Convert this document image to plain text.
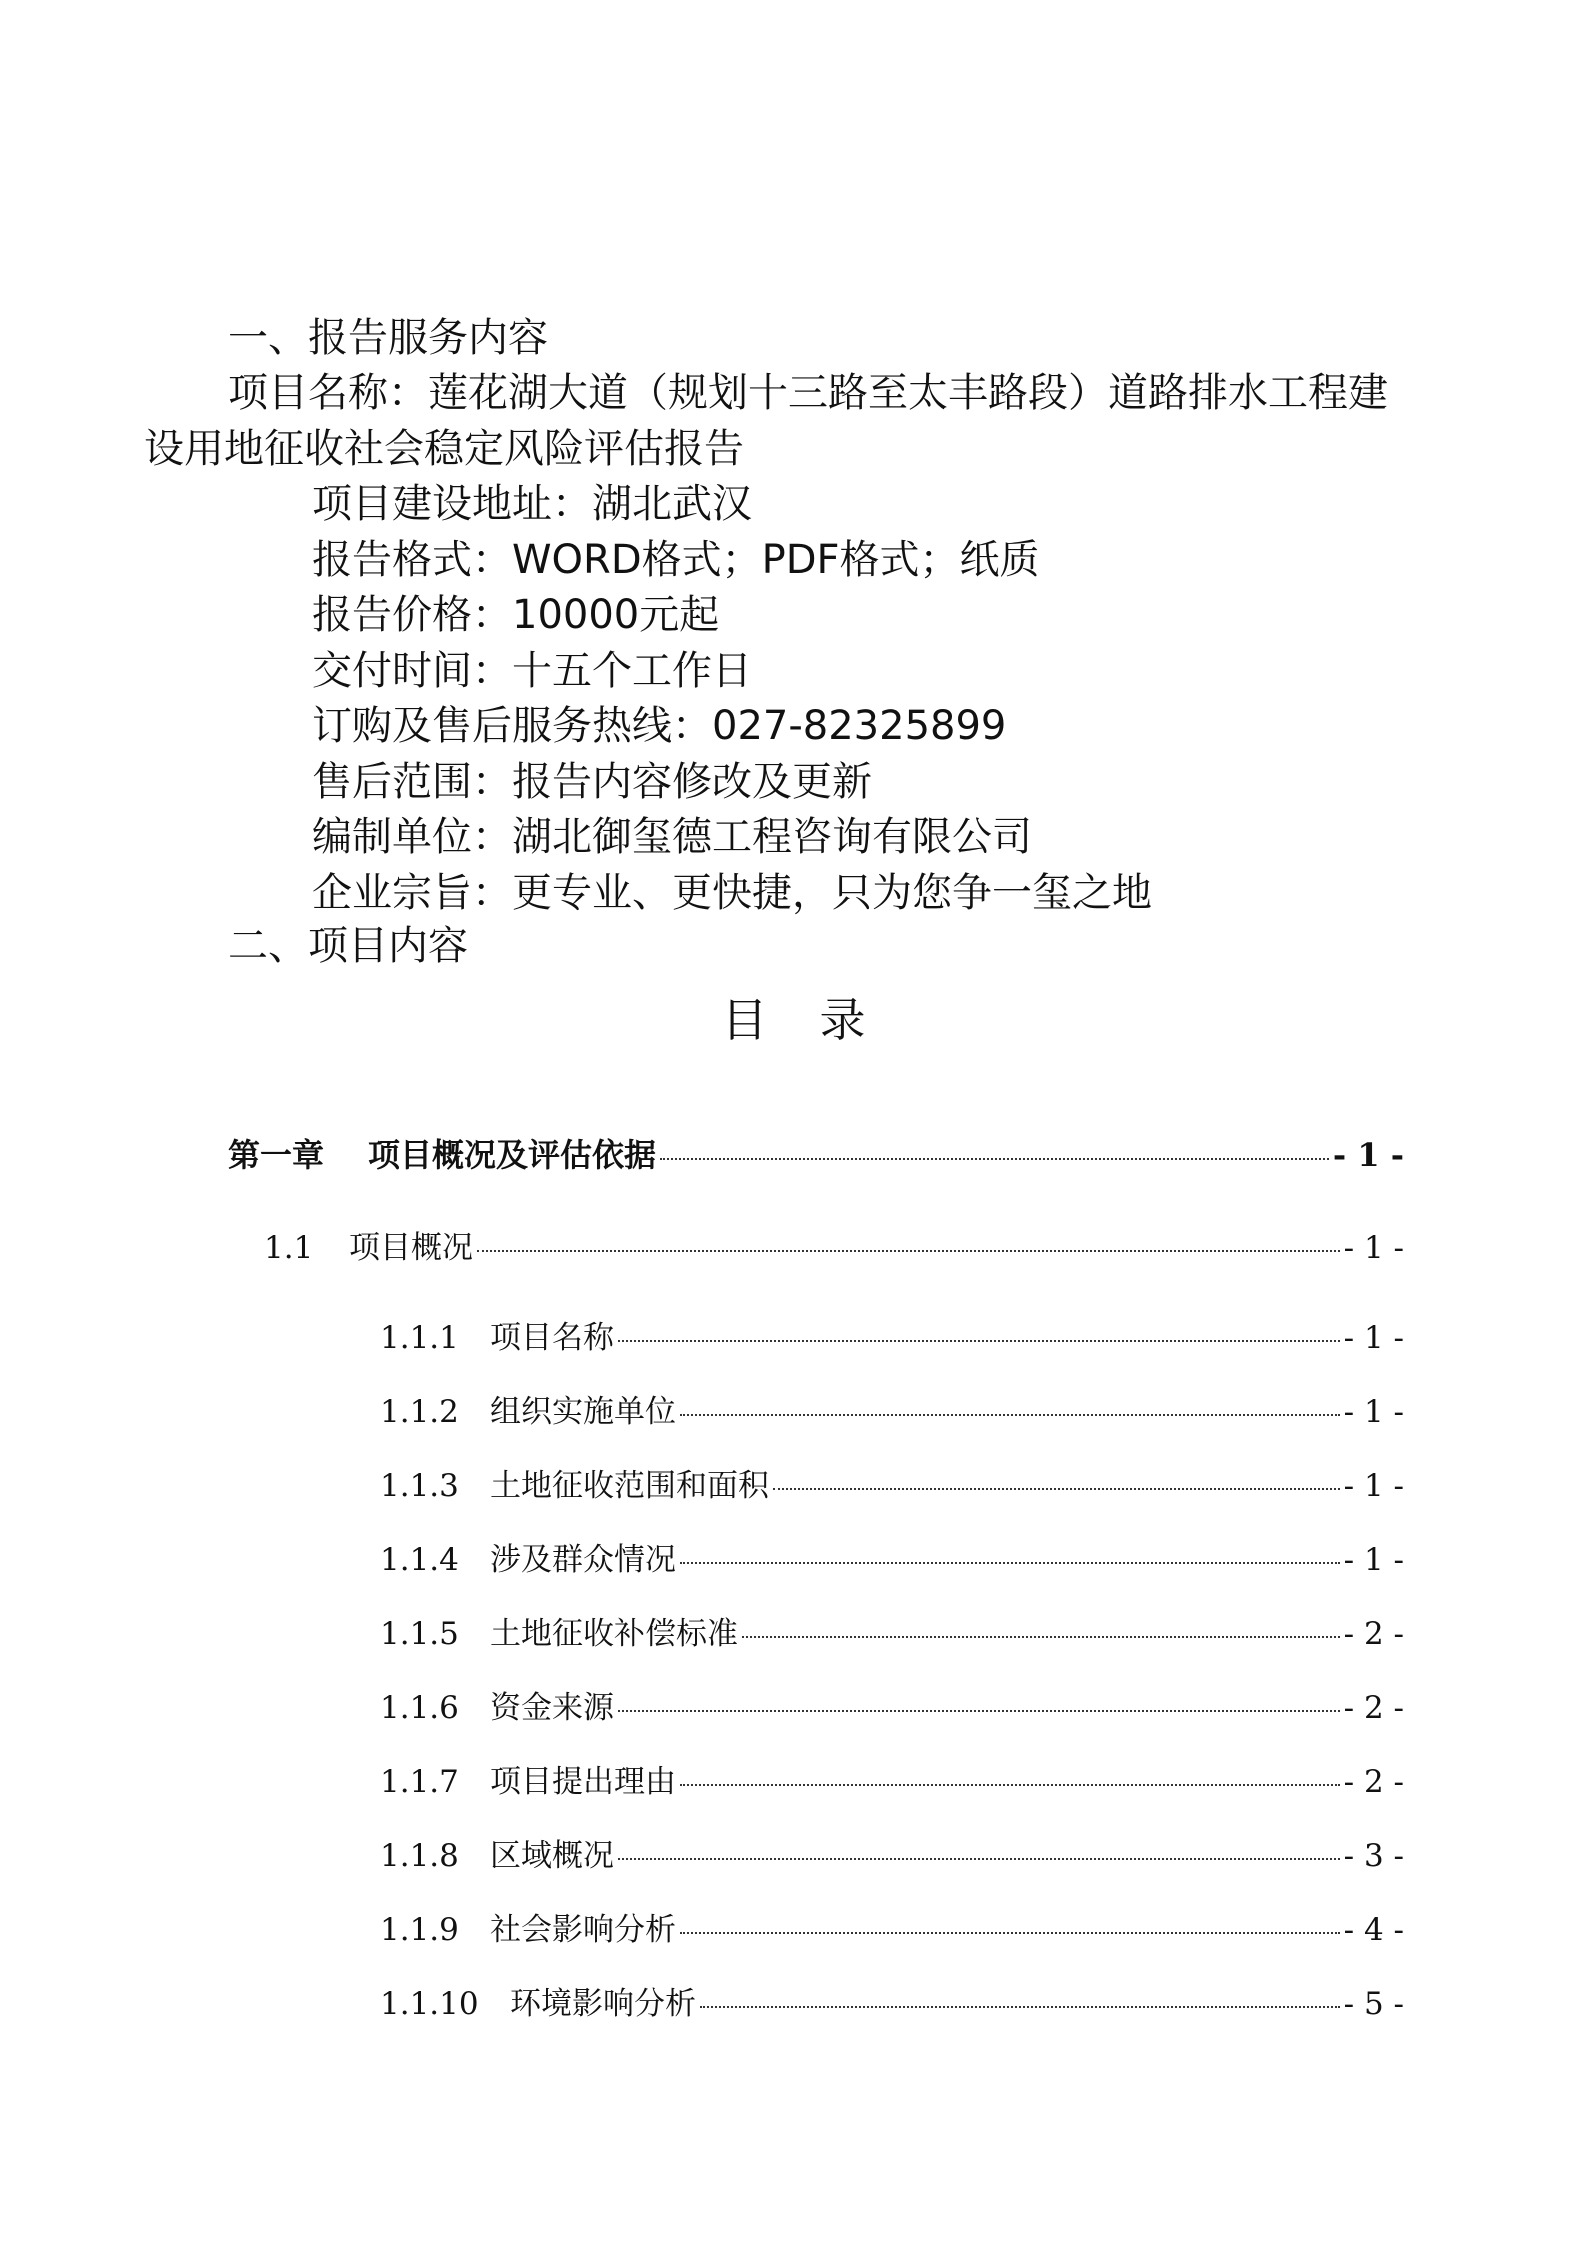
一、报告服务内容
项目名称：莲花湖大道（规划十三路至太丰路段）道路排水工程建设用地征收社会稳定风险评估报告
项目建设地址：湖北武汉
报告格式：WORD格式；PDF格式；纸质
报告价格：10000元起
交付时间：十五个工作日
订购及售后服务热线：027-82325899
售后范围：报告内容修改及更新
编制单位：湖北御玺德工程咨询有限公司
企业宗旨：更专业、更快捷，只为您争一玺之地
二、项目内容
目录
第一章	项目概况及评估依据	- 1 -
1.1	项目概况	- 1 -
1.1.1	项目名称	- 1 -
1.1.2	组织实施单位	- 1 -
1.1.3	土地征收范围和面积	- 1 -
1.1.4	涉及群众情况	- 1 -
1.1.5	土地征收补偿标准	- 2 -
1.1.6	资金来源	- 2 -
1.1.7	项目提出理由	- 2 -
1.1.8	区域概况	- 3 -
1.1.9	社会影响分析	- 4 -
1.1.10	环境影响分析	- 5 -
